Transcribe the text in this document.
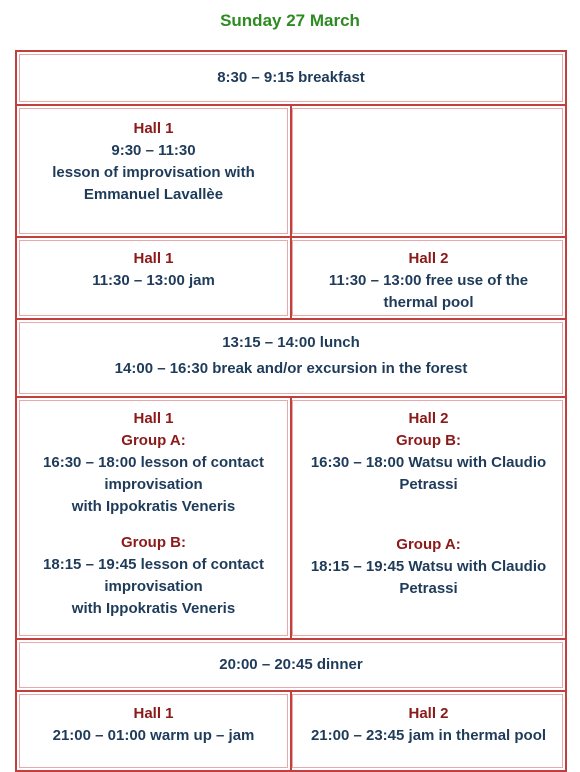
Sunday 27 March
8:30 – 9:15 breakfast
Hall 1
9:30 – 11:30
lesson of improvisation with
Emmanuel Lavallèe
Hall 1
11:30 – 13:00 jam
Hall 2
11:30 – 13:00 free use of the
thermal pool
13:15 – 14:00 lunch
14:00 – 16:30 break and/or excursion in the forest
Hall 1
Group A:
16:30 – 18:00 lesson of contact
improvisation
with Ippokratis Veneris
Group B:
18:15 – 19:45 lesson of contact
improvisation
with Ippokratis Veneris
Hall 2
Group B:
16:30 – 18:00 Watsu with Claudio
Petrassi
Group A:
18:15 – 19:45 Watsu with Claudio
Petrassi
20:00 – 20:45 dinner
Hall 1
21:00 – 01:00 warm up – jam
Hall 2
21:00 – 23:45 jam in thermal pool
